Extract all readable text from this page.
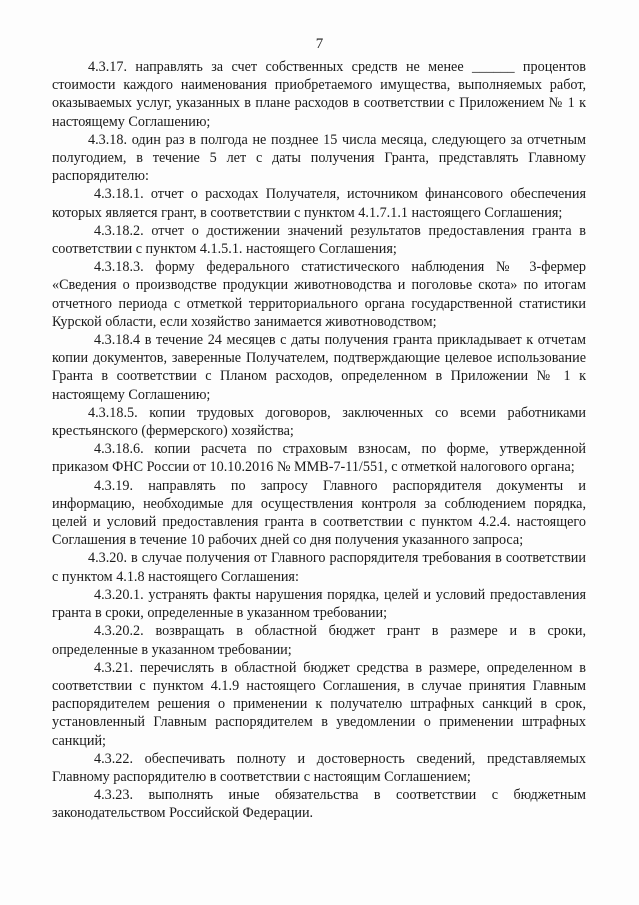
7

4.3.17. направлять за счет собственных средств не менее ______ процентов стоимости каждого наименования приобретаемого имущества, выполняемых работ, оказываемых услуг, указанных в плане расходов в соответствии с Приложением № 1 к настоящему Соглашению;

4.3.18. один раз в полгода не позднее 15 числа месяца, следующего за отчетным полугодием, в течение 5 лет с даты получения Гранта, представлять Главному распорядителю:

4.3.18.1. отчет о расходах Получателя, источником финансового обеспечения которых является грант, в соответствии с пунктом 4.1.7.1.1 настоящего Соглашения;

4.3.18.2. отчет о достижении значений результатов предоставления гранта в соответствии с пунктом 4.1.5.1. настоящего Соглашения;

4.3.18.3. форму федерального статистического наблюдения № 3-фермер «Сведения о производстве продукции животноводства и поголовье скота» по итогам отчетного периода с отметкой территориального органа государственной статистики Курской области, если хозяйство занимается животноводством;

4.3.18.4 в течение 24 месяцев с даты получения гранта прикладывает к отчетам копии документов, заверенные Получателем, подтверждающие целевое использование Гранта в соответствии с Планом расходов, определенном в Приложении № 1 к настоящему Соглашению;

4.3.18.5. копии трудовых договоров, заключенных со всеми работниками крестьянского (фермерского) хозяйства;

4.3.18.6. копии расчета по страховым взносам, по форме, утвержденной приказом ФНС России от 10.10.2016 № ММВ-7-11/551, с отметкой налогового органа;

4.3.19. направлять по запросу Главного распорядителя документы и информацию, необходимые для осуществления контроля за соблюдением порядка, целей и условий предоставления гранта в соответствии с пунктом 4.2.4. настоящего Соглашения в течение 10 рабочих дней со дня получения указанного запроса;

4.3.20. в случае получения от Главного распорядителя требования в соответствии с пунктом 4.1.8 настоящего Соглашения:

4.3.20.1. устранять факты нарушения порядка, целей и условий предоставления гранта в сроки, определенные в указанном требовании;

4.3.20.2. возвращать в областной бюджет грант в размере и в сроки, определенные в указанном требовании;

4.3.21. перечислять в областной бюджет средства в размере, определенном в соответствии с пунктом 4.1.9 настоящего Соглашения, в случае принятия Главным распорядителем решения о применении к получателю штрафных санкций в срок, установленный Главным распорядителем в уведомлении о применении штрафных санкций;

4.3.22. обеспечивать полноту и достоверность сведений, представляемых Главному распорядителю в соответствии с настоящим Соглашением;

4.3.23. выполнять иные обязательства в соответствии с бюджетным законодательством Российской Федерации.
